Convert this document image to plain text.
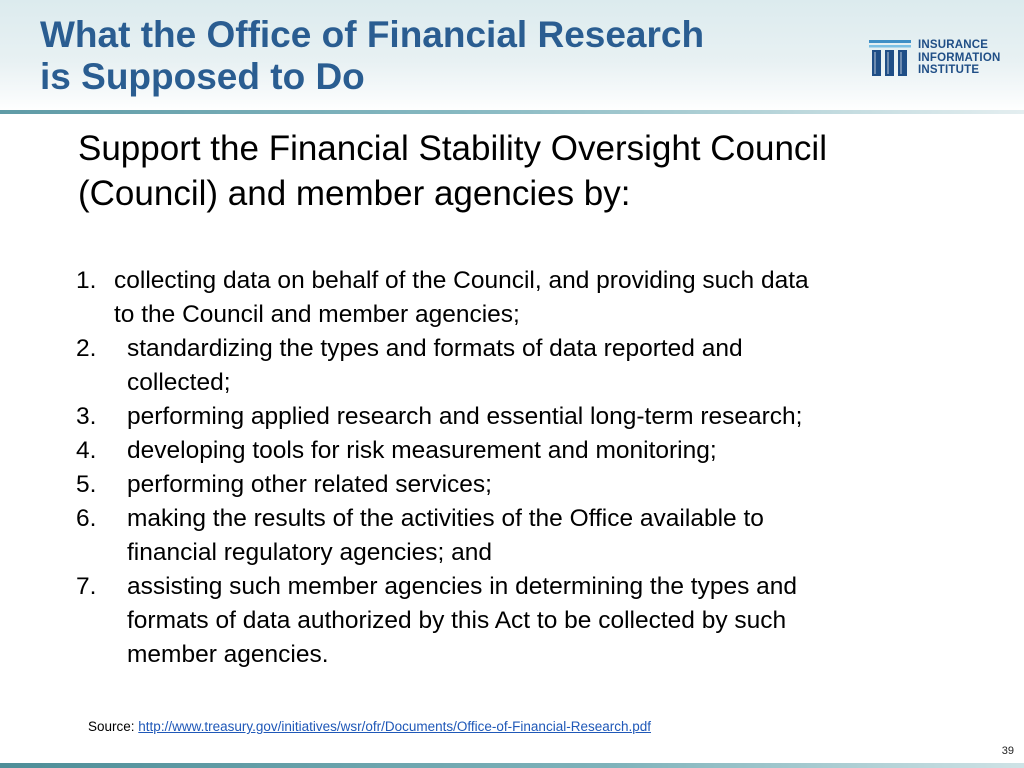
What the Office of Financial Research
is Supposed to Do
INSURANCE
INFORMATION
INSTITUTE
Support the Financial Stability Oversight Council
(Council) and member agencies by:
1. collecting data on behalf of the Council, and providing such data
to the Council and member agencies;
2.	standardizing the types and formats of data reported and
collected;
3.	performing applied research and essential long-term research;
4.	developing tools for risk measurement and monitoring;
5.	performing other related services;
6.	making the results of the activities of the Office available to
financial regulatory agencies; and
7.	assisting such member agencies in determining the types and
formats of data authorized by this Act to be collected by such
member agencies.
Source: http://www.treasury.gov/initiatives/wsr/ofr/Documents/Office-of-Financial-Research.pdf
39
